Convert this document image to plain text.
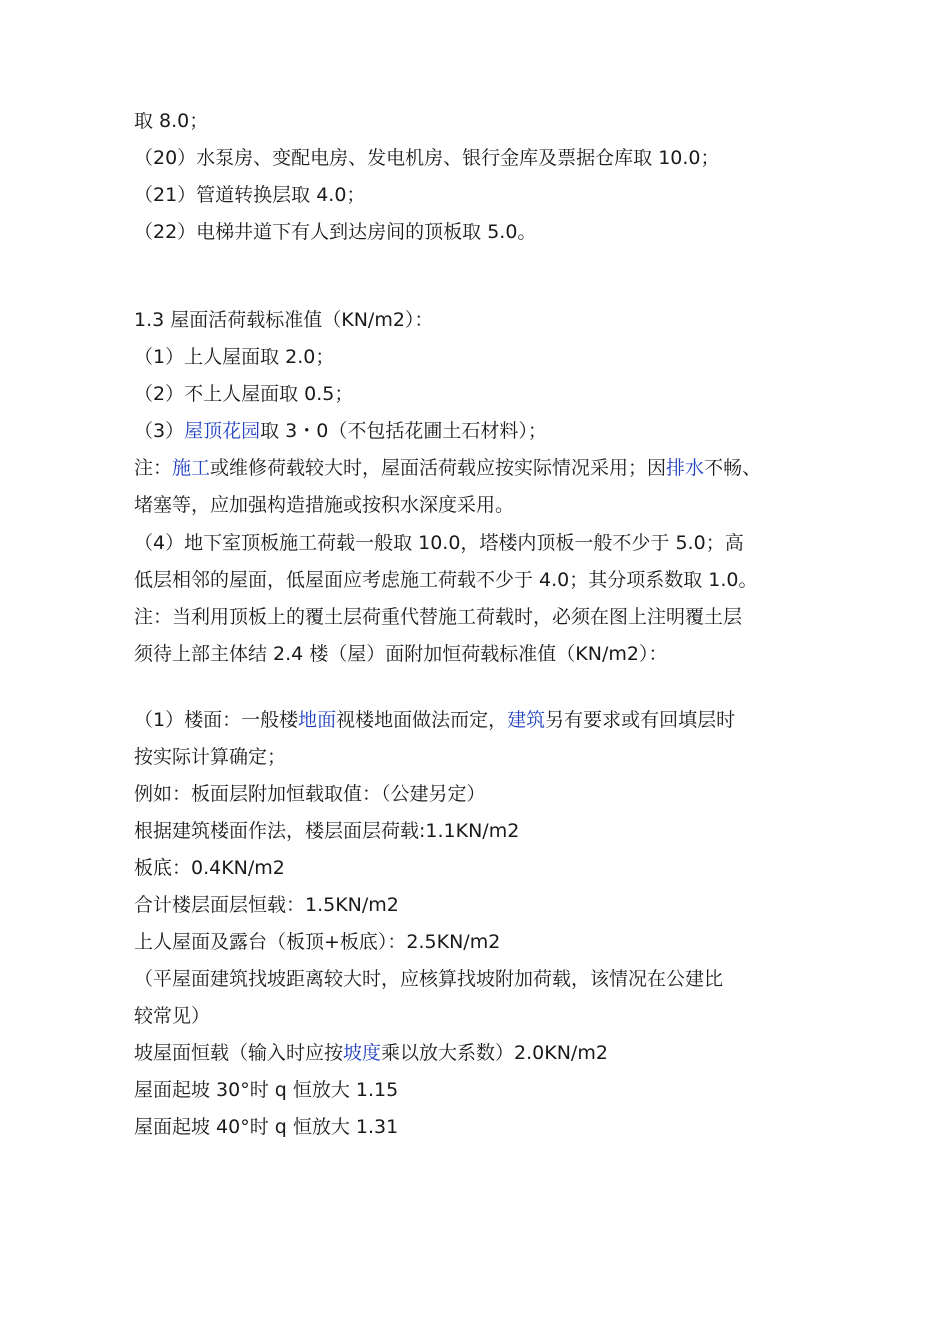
取 8.0；
（20）水泵房、变配电房、发电机房、银行金库及票据仓库取 10.0；
（21）管道转换层取 4.0；
（22）电梯井道下有人到达房间的顶板取 5.0。
1.3 屋面活荷载标准值（KN/m2）：
（1）上人屋面取 2.0；
（2）不上人屋面取 0.5；
（3）屋顶花园取 3・0（不包括花圃土石材料）；
注：施工或维修荷载较大时，屋面活荷载应按实际情况采用；因排水不畅、
堵塞等，应加强构造措施或按积水深度采用。
（4）地下室顶板施工荷载一般取 10.0，塔楼内顶板一般不少于 5.0；高
低层相邻的屋面，低屋面应考虑施工荷载不少于 4.0；其分项系数取 1.0。
注：当利用顶板上的覆土层荷重代替施工荷载时，必须在图上注明覆土层
须待上部主体结 2.4 楼（屋）面附加恒荷载标准值（KN/m2）：
（1）楼面：一般楼地面视楼地面做法而定，建筑另有要求或有回填层时
按实际计算确定；
例如：板面层附加恒载取值：（公建另定）
根据建筑楼面作法，楼层面层荷载:1.1KN/m2
板底：0.4KN/m2
合计楼层面层恒载：1.5KN/m2
上人屋面及露台（板顶+板底）：2.5KN/m2
（平屋面建筑找坡距离较大时，应核算找坡附加荷载，该情况在公建比
较常见）
坡屋面恒载（输入时应按坡度乘以放大系数）2.0KN/m2
屋面起坡 30°时 q 恒放大 1.15
屋面起坡 40°时 q 恒放大 1.31
